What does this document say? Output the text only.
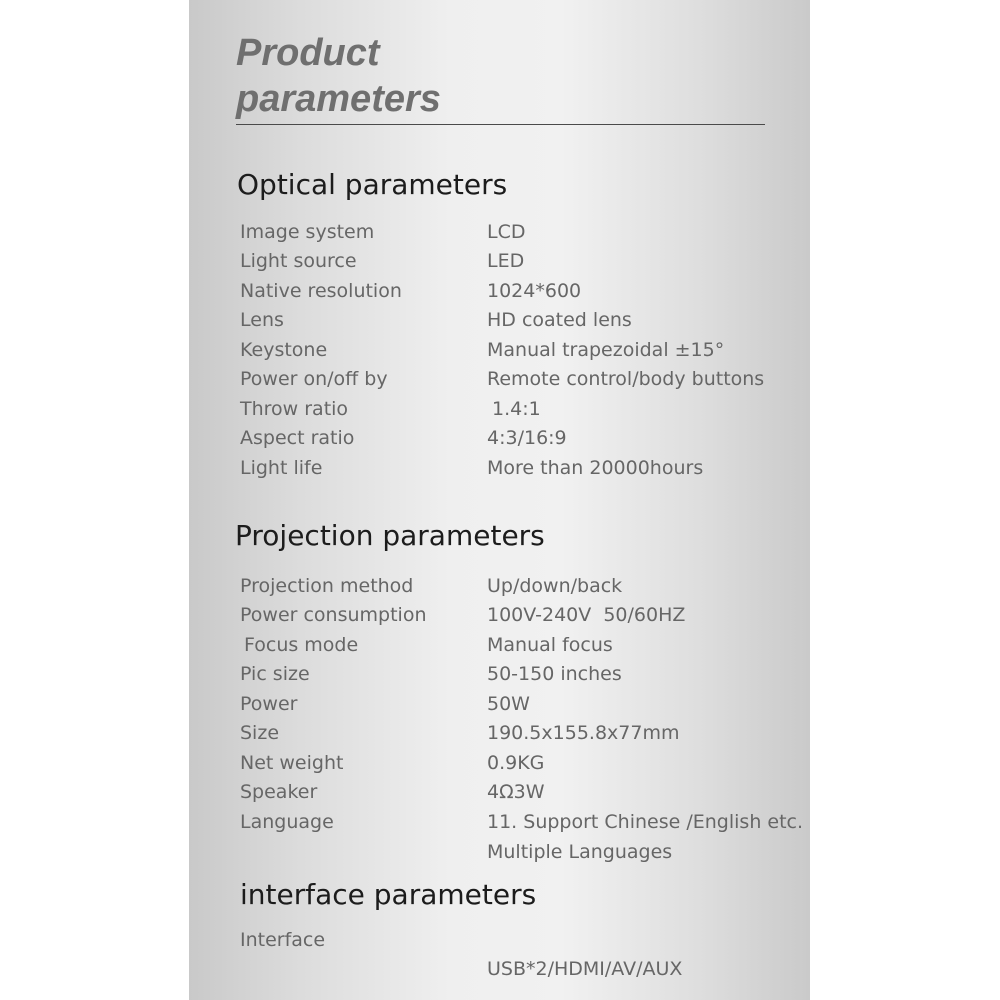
Product
parameters
Optical parameters
Image system	LCD
Light source	LED
Native resolution	1024*600
Lens	HD coated lens
Keystone	Manual trapezoidal ±15°
Power on/off by	Remote control/body buttons
Throw ratio	1.4:1
Aspect ratio	4:3/16:9
Light life	More than 20000hours
Projection parameters
Projection method	Up/down/back
Power consumption	100V-240V  50/60HZ
Focus mode	Manual focus
Pic size	50-150 inches
Power	50W
Size	190.5x155.8x77mm
Net weight	0.9KG
Speaker	4Ω3W
Language	11. Support Chinese /English etc.
Multiple Languages
interface parameters
Interface
USB*2/HDMI/AV/AUX
